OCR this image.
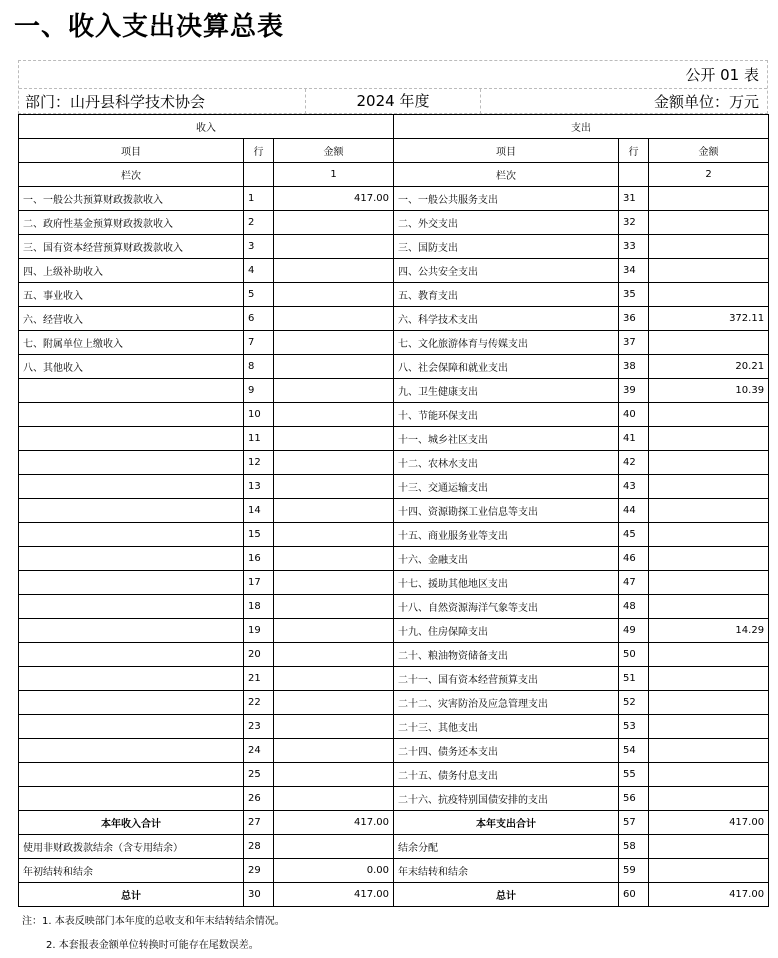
一、收入支出决算总表
公开 01 表
部门：山丹县科学技术协会	2024 年度	金额单位：万元
收入			支出		
项目	行	金额	项目	行	金额
栏次		1	栏次		2
一、一般公共预算财政拨款收入	1	417.00	一、一般公共服务支出	31	
二、政府性基金预算财政拨款收入	2		二、外交支出	32	
三、国有资本经营预算财政拨款收入	3		三、国防支出	33	
四、上级补助收入	4		四、公共安全支出	34	
五、事业收入	5		五、教育支出	35	
六、经营收入	6		六、科学技术支出	36	372.11
七、附属单位上缴收入	7		七、文化旅游体育与传媒支出	37	
八、其他收入	8		八、社会保障和就业支出	38	20.21
	9		九、卫生健康支出	39	10.39
	10		十、节能环保支出	40	
	11		十一、城乡社区支出	41	
	12		十二、农林水支出	42	
	13		十三、交通运输支出	43	
	14		十四、资源勘探工业信息等支出	44	
	15		十五、商业服务业等支出	45	
	16		十六、金融支出	46	
	17		十七、援助其他地区支出	47	
	18		十八、自然资源海洋气象等支出	48	
	19		十九、住房保障支出	49	14.29
	20		二十、粮油物资储备支出	50	
	21		二十一、国有资本经营预算支出	51	
	22		二十二、灾害防治及应急管理支出	52	
	23		二十三、其他支出	53	
	24		二十四、债务还本支出	54	
	25		二十五、债务付息支出	55	
	26		二十六、抗疫特别国债安排的支出	56	
本年收入合计	27	417.00	本年支出合计	57	417.00
使用非财政拨款结余（含专用结余）	28		结余分配	58	
年初结转和结余	29	0.00	年末结转和结余	59	
总计	30	417.00	总计	60	417.00
注：1. 本表反映部门本年度的总收支和年末结转结余情况。
2. 本套报表金额单位转换时可能存在尾数误差。
